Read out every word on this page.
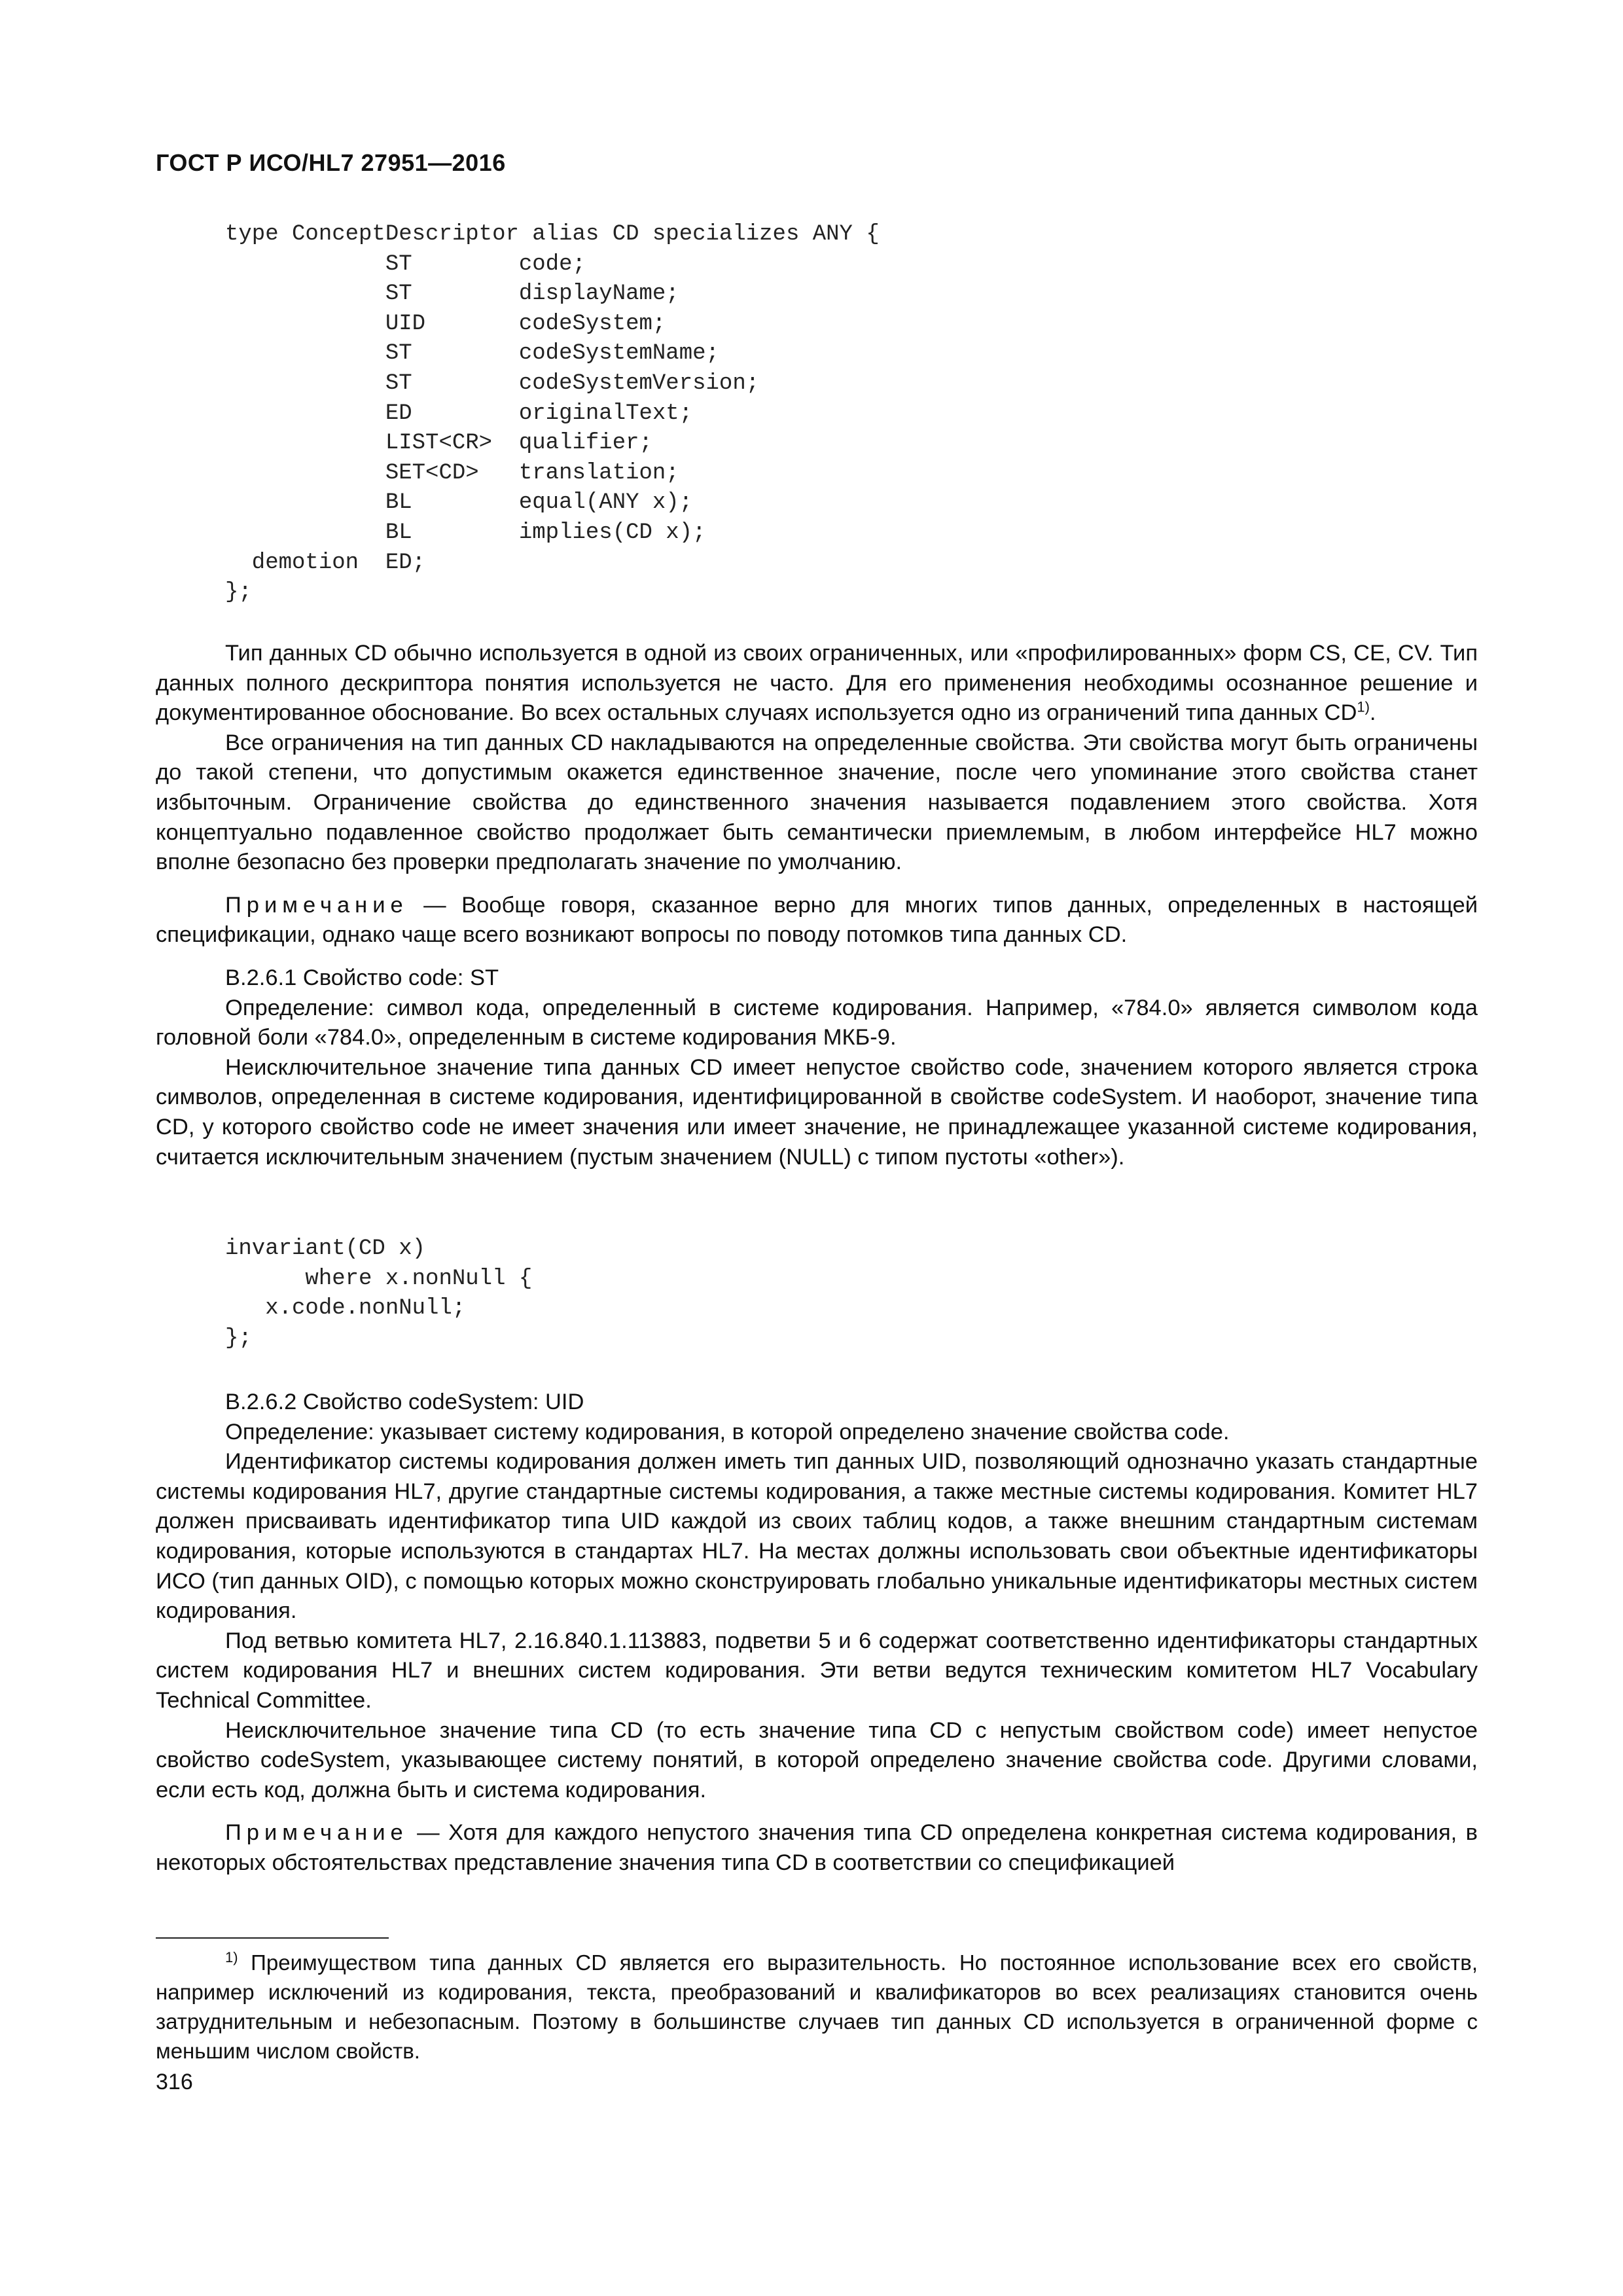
ГОСТ Р ИСО/HL7 27951—2016
type ConceptDescriptor alias CD specializes ANY {
ST        code;
ST        displayName;
UID       codeSystem;
ST        codeSystemName;
ST        codeSystemVersion;
ED        originalText;
LIST<CR>  qualifier;
SET<CD>   translation;
BL        equal(ANY x);
BL        implies(CD x);
demotion  ED;
};

Тип данных CD обычно используется в одной из своих ограниченных, или «профилированных» форм CS, CE, CV. Тип данных полного дескриптора понятия используется не часто. Для его применения необходимы осознанное решение и документированное обоснование. Во всех остальных случаях используется одно из ограничений типа данных CD$^{1)}$.

Все ограничения на тип данных CD накладываются на определенные свойства. Эти свойства могут быть ограничены до такой степени, что допустимым окажется единственное значение, после чего упоминание этого свойства станет избыточным. Ограничение свойства до единственного значения называется подавлением этого свойства. Хотя концептуально подавленное свойство продолжает быть семантически приемлемым, в любом интерфейсе HL7 можно вполне безопасно без проверки предполагать значение по умолчанию.

Примечание — Вообще говоря, сказанное верно для многих типов данных, определенных в настоящей спецификации, однако чаще всего возникают вопросы по поводу потомков типа данных CD.

B.2.6.1 Свойство code: ST

Определение: символ кода, определенный в системе кодирования. Например, «784.0» является символом кода головной боли «784.0», определенным в системе кодирования МКБ-9.

Неисключительное значение типа данных CD имеет непустое свойство code, значением которого является строка символов, определенная в системе кодирования, идентифицированной в свойстве codeSystem. И наоборот, значение типа CD, у которого свойство code не имеет значения или имеет значение, не принадлежащее указанной системе кодирования, считается исключительным значением (пустым значением (NULL) с типом пустоты «other»).

invariant(CD x)
where x.nonNull {
x.code.nonNull;
};

B.2.6.2 Свойство codeSystem: UID

Определение: указывает систему кодирования, в которой определено значение свойства code.

Идентификатор системы кодирования должен иметь тип данных UID, позволяющий однозначно указать стандартные системы кодирования HL7, другие стандартные системы кодирования, а также местные системы кодирования. Комитет HL7 должен присваивать идентификатор типа UID каждой из своих таблиц кодов, а также внешним стандартным системам кодирования, которые используются в стандартах HL7. На местах должны использовать свои объектные идентификаторы ИСО (тип данных OID), с помощью которых можно сконструировать глобально уникальные идентификаторы местных систем кодирования.

Под ветвью комитета HL7, 2.16.840.1.113883, подветви 5 и 6 содержат соответственно идентификаторы стандартных систем кодирования HL7 и внешних систем кодирования. Эти ветви ведутся техническим комитетом HL7 Vocabulary Technical Committee.

Неисключительное значение типа CD (то есть значение типа CD с непустым свойством code) имеет непустое свойство codeSystem, указывающее систему понятий, в которой определено значение свойства code. Другими словами, если есть код, должна быть и система кодирования.

Примечание — Хотя для каждого непустого значения типа CD определена конкретная система кодирования, в некоторых обстоятельствах представление значения типа CD в соответствии со спецификацией

$^{1)}$ Преимуществом типа данных CD является его выразительность. Но постоянное использование всех его свойств, например исключений из кодирования, текста, преобразований и квалификаторов во всех реализациях становится очень затруднительным и небезопасным. Поэтому в большинстве случаев тип данных CD используется в ограниченной форме с меньшим числом свойств.

316
